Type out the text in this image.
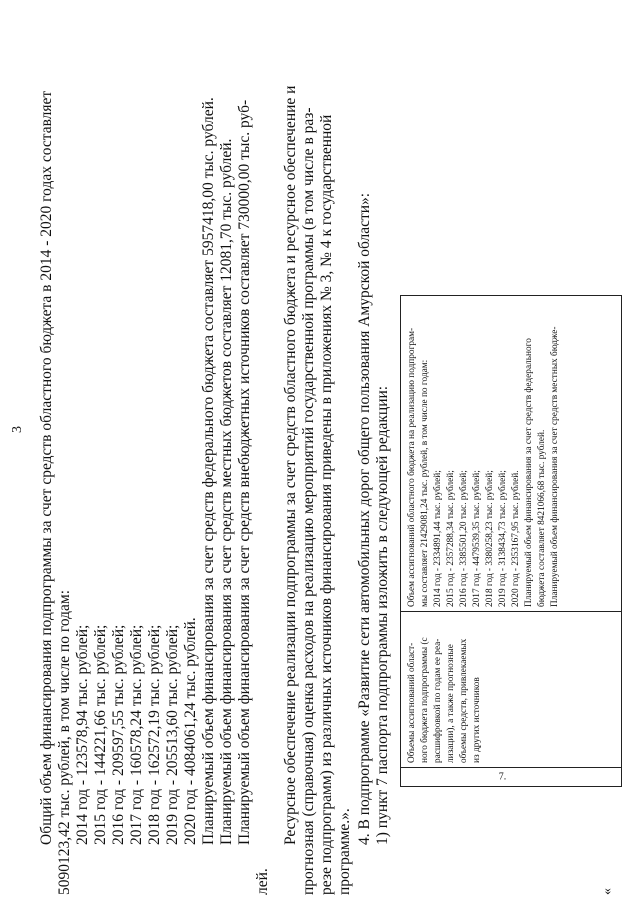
3 Общий объем финансирования подпрограммы за счет средств областного бюджета в 2014 - 2020 годах составляет 5090123,42 тыс. рублей, в том числе по годам: 2014 год - 123578,94 тыс. рублей; 2015 год - 144221,66 тыс. рублей; 2016 год - 209597,55 тыс. рублей; 2017 год - 160578,24 тыс. рублей; 2018 год - 162572,19 тыс. рублей; 2019 год - 205513,60 тыс. рублей; 2020 год - 4084061,24 тыс. рублей. Планируемый объем финансирования за счет средств федерального бюджета составляет 5957418,00 тыс. рублей. Планируемый объем финансирования за счет средств местных бюджетов составляет 12081,70 тыс. рублей. Планируемый объем финансирования за счет средств внебюджетных источников составляет 730000,00 тыс. руб-
лей.
Ресурсное обеспечение реализации подпрограммы за счет средств областного бюджета и ресурсное обеспечение и прогнозная (справочная) оценка расходов на реализацию мероприятий государственной программы (в том числе в раз- резе подпрограмм) из различных источников финансирования приведены в приложениях № 3, № 4 к государственной программе.».
4. В подпрограмме «Развитие сети автомобильных дорог общего пользования Амурской области»: 1) пункт 7 паспорта подпрограммы изложить в следующей редакции:
«
7.
Объемы ассигнований област- ного бюджета подпрограммы (с расшифровкой по годам ее реа- лизации), а также прогнозные объемы средств, привлекаемых из других источников
Объем ассигнований областного бюджета на реализацию подпрограм- мы составляет 21429081,24 тыс. рублей, в том числе по годам: 2014 год - 2334891,44 тыс. рублей; 2015 год - 2357288,34 тыс. рублей; 2016 год - 3385501,20 тыс. рублей; 2017 год - 4479539,35 тыс. рублей; 2018 год - 3380258,23 тыс. рублей; 2019 год - 3138434,73 тыс. рублей; 2020 год - 2353167,95 тыс. рублей. Планируемый объем финансирования за счет средств федерального бюджета составляет 8421066,68 тыс. рублей. Планируемый объем финансирования за счет средств местных бюдже-
